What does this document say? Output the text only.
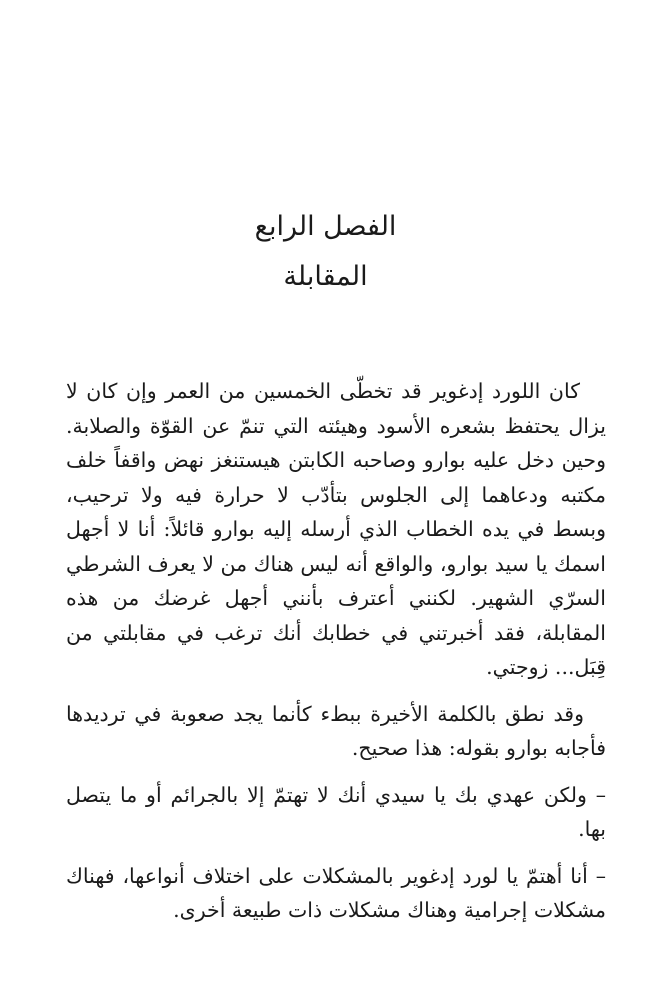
الفصل الرابع
المقابلة

كان اللورد إدغوير قد تخطّى الخمسين من العمر وإن كان لا يزال يحتفظ بشعره الأسود وهيئته التي تنمّ عن القوّة والصلابة. وحين دخل عليه بوارو وصاحبه الكابتن هيستنغز نهض واقفاً خلف مكتبه ودعاهما إلى الجلوس بتأدّب لا حرارة فيه ولا ترحيب، وبسط في يده الخطاب الذي أرسله إليه بوارو قائلاً: أنا لا أجهل اسمك يا سيد بوارو، والواقع أنه ليس هناك من لا يعرف الشرطي السرّي الشهير. لكنني أعترف بأنني أجهل غرضك من هذه المقابلة، فقد أخبرتني في خطابك أنك ترغب في مقابلتي من قِبَل... زوجتي.

وقد نطق بالكلمة الأخيرة ببطء كأنما يجد صعوبة في ترديدها فأجابه بوارو بقوله: هذا صحيح.

– ولكن عهدي بك يا سيدي أنك لا تهتمّ إلا بالجرائم أو ما يتصل بها.

– أنا أهتمّ يا لورد إدغوير بالمشكلات على اختلاف أنواعها، فهناك مشكلات إجرامية وهناك مشكلات ذات طبيعة أخرى.
